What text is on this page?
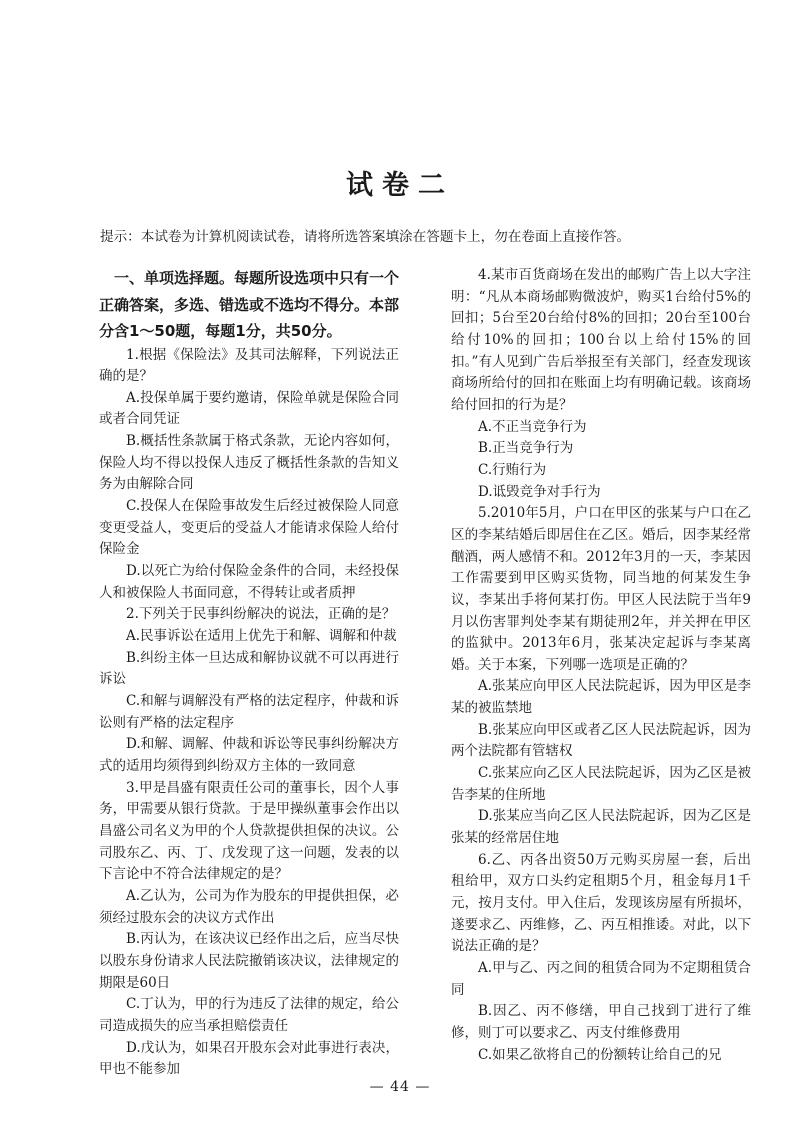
试卷二
提示：本试卷为计算机阅读试卷，请将所选答案填涂在答题卡上，勿在卷面上直接作答。

一、单项选择题。每题所设选项中只有一个正确答案，多选、错选或不选均不得分。本部分含1～50题，每题1分，共50分。

1.根据《保险法》及其司法解释，下列说法正确的是？

A.投保单属于要约邀请，保险单就是保险合同或者合同凭证

B.概括性条款属于格式条款，无论内容如何，保险人均不得以投保人违反了概括性条款的告知义务为由解除合同

C.投保人在保险事故发生后经过被保险人同意变更受益人，变更后的受益人才能请求保险人给付保险金

D.以死亡为给付保险金条件的合同，未经投保人和被保险人书面同意，不得转让或者质押

2.下列关于民事纠纷解决的说法，正确的是？

A.民事诉讼在适用上优先于和解、调解和仲裁

B.纠纷主体一旦达成和解协议就不可以再进行诉讼

C.和解与调解没有严格的法定程序，仲裁和诉讼则有严格的法定程序

D.和解、调解、仲裁和诉讼等民事纠纷解决方式的适用均须得到纠纷双方主体的一致同意

3.甲是昌盛有限责任公司的董事长，因个人事务，甲需要从银行贷款。于是甲操纵董事会作出以昌盛公司名义为甲的个人贷款提供担保的决议。公司股东乙、丙、丁、戊发现了这一问题，发表的以下言论中不符合法律规定的是？

A.乙认为，公司为作为股东的甲提供担保，必须经过股东会的决议方式作出

B.丙认为，在该决议已经作出之后，应当尽快以股东身份请求人民法院撤销该决议，法律规定的期限是60日

C.丁认为，甲的行为违反了法律的规定，给公司造成损失的应当承担赔偿责任

D.戊认为，如果召开股东会对此事进行表决，甲也不能参加

4.某市百货商场在发出的邮购广告上以大字注明：“凡从本商场邮购微波炉，购买1台给付5%的回扣；5台至20台给付8%的回扣；20台至100台给付10%的回扣；100台以上给付15%的回扣。”有人见到广告后举报至有关部门，经查发现该商场所给付的回扣在账面上均有明确记载。该商场给付回扣的行为是？

A.不正当竞争行为

B.正当竞争行为

C.行贿行为

D.诋毁竞争对手行为

5.2010年5月，户口在甲区的张某与户口在乙区的李某结婚后即居住在乙区。婚后，因李某经常酗酒，两人感情不和。2012年3月的一天，李某因工作需要到甲区购买货物，同当地的何某发生争议，李某出手将何某打伤。甲区人民法院于当年9月以伤害罪判处李某有期徒刑2年，并关押在甲区的监狱中。2013年6月，张某决定起诉与李某离婚。关于本案，下列哪一选项是正确的？

A.张某应向甲区人民法院起诉，因为甲区是李某的被监禁地

B.张某应向甲区或者乙区人民法院起诉，因为两个法院都有管辖权

C.张某应向乙区人民法院起诉，因为乙区是被告李某的住所地

D.张某应当向乙区人民法院起诉，因为乙区是张某的经常居住地

6.乙、丙各出资50万元购买房屋一套，后出租给甲，双方口头约定租期5个月，租金每月1千元，按月支付。甲入住后，发现该房屋有所损坏，遂要求乙、丙维修，乙、丙互相推诿。对此，以下说法正确的是？

A.甲与乙、丙之间的租赁合同为不定期租赁合同

B.因乙、丙不修缮，甲自己找到丁进行了维修，则丁可以要求乙、丙支付维修费用

C.如果乙欲将自己的份额转让给自己的兄

— 44 —
